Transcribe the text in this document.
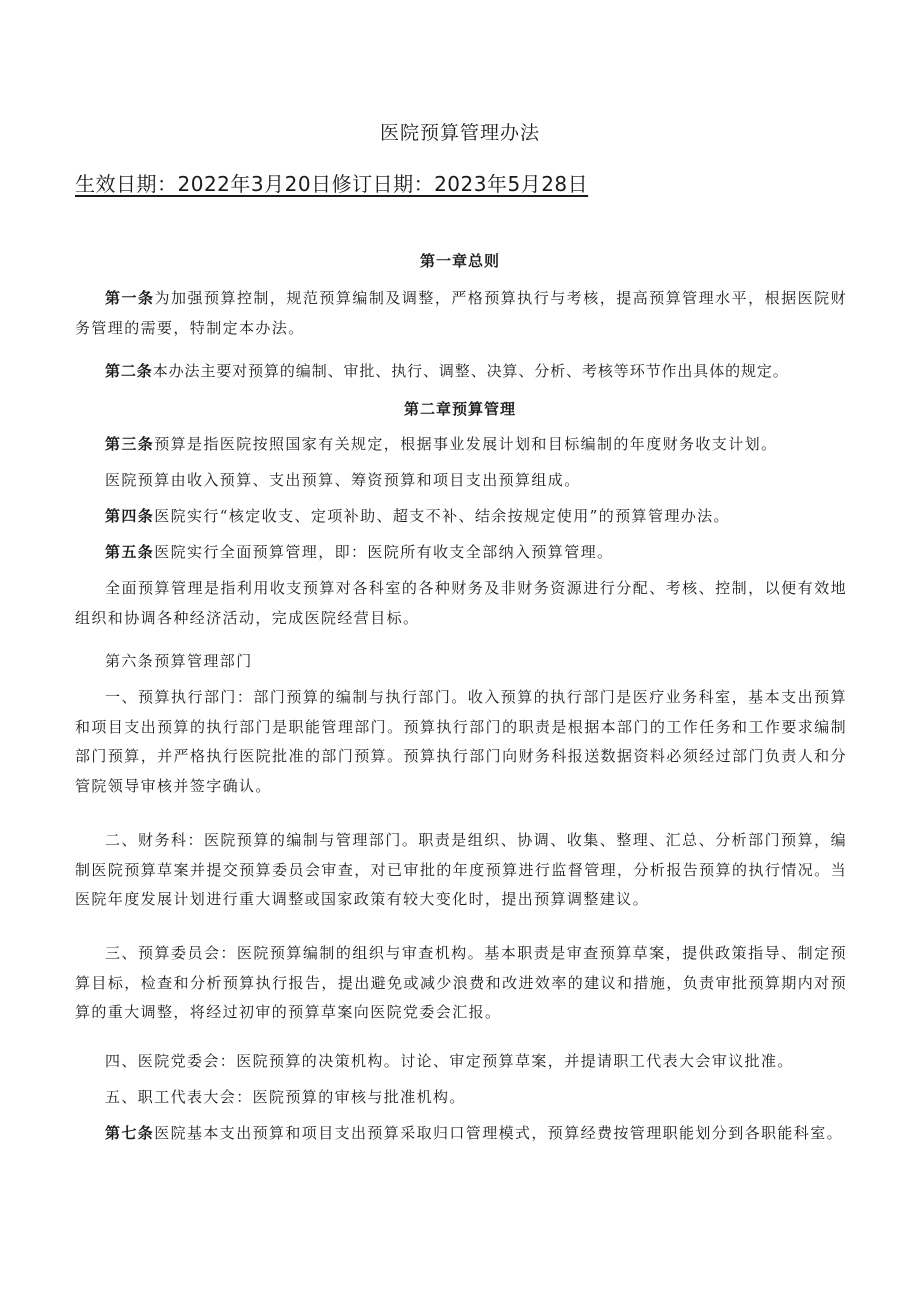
医院预算管理办法
生效日期：2022年3月20日修订日期：2023年5月28日
第一章总则
第一条为加强预算控制，规范预算编制及调整，严格预算执行与考核，提高预算管理水平，根据医院财务管理的需要，特制定本办法。
第二条本办法主要对预算的编制、审批、执行、调整、决算、分析、考核等环节作出具体的规定。
第二章预算管理
第三条预算是指医院按照国家有关规定，根据事业发展计划和目标编制的年度财务收支计划。
医院预算由收入预算、支出预算、筹资预算和项目支出预算组成。
第四条医院实行“核定收支、定项补助、超支不补、结余按规定使用”的预算管理办法。
第五条医院实行全面预算管理，即：医院所有收支全部纳入预算管理。
全面预算管理是指利用收支预算对各科室的各种财务及非财务资源进行分配、考核、控制，以便有效地组织和协调各种经济活动，完成医院经营目标。
第六条预算管理部门
一、预算执行部门：部门预算的编制与执行部门。收入预算的执行部门是医疗业务科室，基本支出预算和项目支出预算的执行部门是职能管理部门。预算执行部门的职责是根据本部门的工作任务和工作要求编制部门预算，并严格执行医院批准的部门预算。预算执行部门向财务科报送数据资料必须经过部门负责人和分管院领导审核并签字确认。
二、财务科：医院预算的编制与管理部门。职责是组织、协调、收集、整理、汇总、分析部门预算，编制医院预算草案并提交预算委员会审查，对已审批的年度预算进行监督管理，分析报告预算的执行情况。当医院年度发展计划进行重大调整或国家政策有较大变化时，提出预算调整建议。
三、预算委员会：医院预算编制的组织与审查机构。基本职责是审查预算草案，提供政策指导、制定预算目标，检查和分析预算执行报告，提出避免或减少浪费和改进效率的建议和措施，负责审批预算期内对预算的重大调整，将经过初审的预算草案向医院党委会汇报。
四、医院党委会：医院预算的决策机构。讨论、审定预算草案，并提请职工代表大会审议批准。
五、职工代表大会：医院预算的审核与批准机构。
第七条医院基本支出预算和项目支出预算采取归口管理模式，预算经费按管理职能划分到各职能科室。
